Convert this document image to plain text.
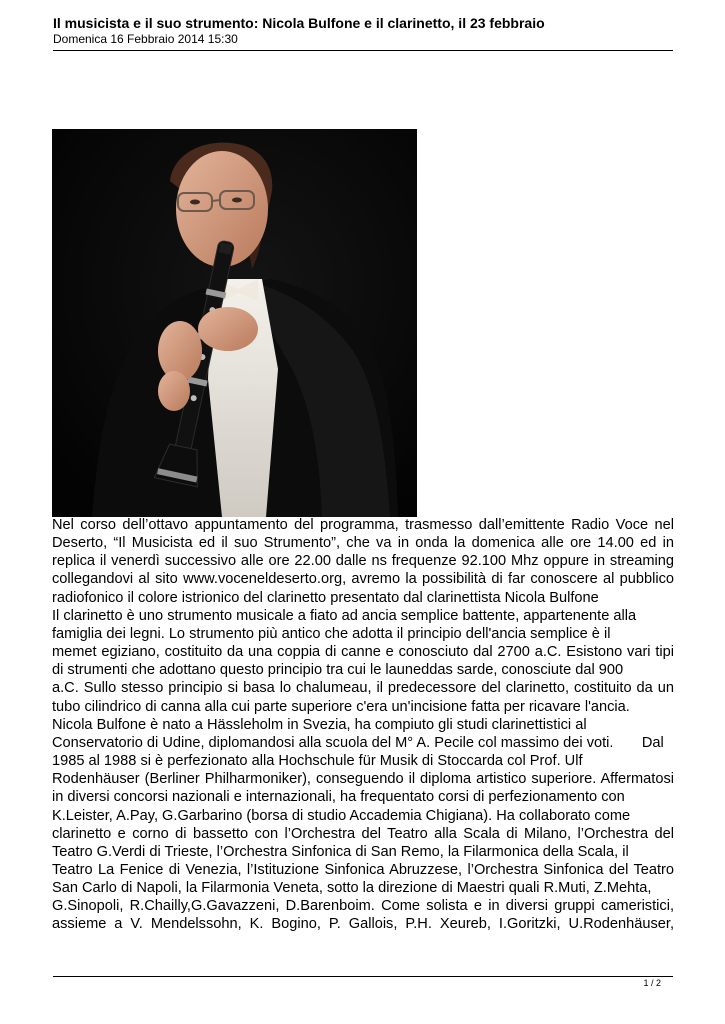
Il musicista e il suo strumento: Nicola Bulfone e il clarinetto, il 23 febbraio

Domenica 16 Febbraio 2014 15:30

Nel corso dell’ottavo appuntamento del programma, trasmesso dall’emittente Radio Voce nel
Deserto, “Il Musicista ed il suo Strumento”, che va in onda la domenica alle ore 14.00 ed in
replica il venerdì successivo alle ore 22.00 dalle ns frequenze 92.100 Mhz oppure in streaming
collegandovi al sito www.voceneldeserto.org, avremo la possibilità di far conoscere al pubblico
radiofonico il colore istrionico del clarinetto presentato dal clarinettista Nicola Bulfone
Il clarinetto è uno strumento musicale a fiato ad ancia semplice battente, appartenente alla
famiglia dei legni. Lo strumento più antico che adotta il principio dell'ancia semplice è il
memet egiziano, costituito da una coppia di canne e conosciuto dal 2700 a.C. Esistono vari tipi
di strumenti che adottano questo principio tra cui le launeddas sarde, conosciute dal 900
a.C. Sullo stesso principio si basa lo chalumeau, il predecessore del clarinetto, costituito da un
tubo cilindrico di canna alla cui parte superiore c'era un'incisione fatta per ricavare l'ancia.
Nicola Bulfone è nato a Hässleholm in Svezia, ha compiuto gli studi clarinettistici al
Conservatorio di Udine, diplomandosi alla scuola del M° A. Pecile col massimo dei voti.       Dal
1985 al 1988 si è perfezionato alla Hochschule für Musik di Stoccarda col Prof. Ulf
Rodenhäuser (Berliner Philharmoniker), conseguendo il diploma artistico superiore. Affermatosi
in diversi concorsi nazionali e internazionali, ha frequentato corsi di perfezionamento con
K.Leister, A.Pay, G.Garbarino (borsa di studio Accademia Chigiana). Ha collaborato come
clarinetto e corno di bassetto con l’Orchestra del Teatro alla Scala di Milano, l’Orchestra del
Teatro G.Verdi di Trieste, l’Orchestra Sinfonica di San Remo, la Filarmonica della Scala, il
Teatro La Fenice di Venezia, l’Istituzione Sinfonica Abruzzese, l’Orchestra Sinfonica del Teatro
San Carlo di Napoli, la Filarmonia Veneta, sotto la direzione di Maestri quali R.Muti, Z.Mehta,
G.Sinopoli, R.Chailly,G.Gavazzeni, D.Barenboim. Come solista e in diversi gruppi cameristici,
assieme a V. Mendelssohn, K. Bogino, P. Gallois, P.H. Xeureb, I.Goritzki, U.Rodenhäuser,
1 / 2
